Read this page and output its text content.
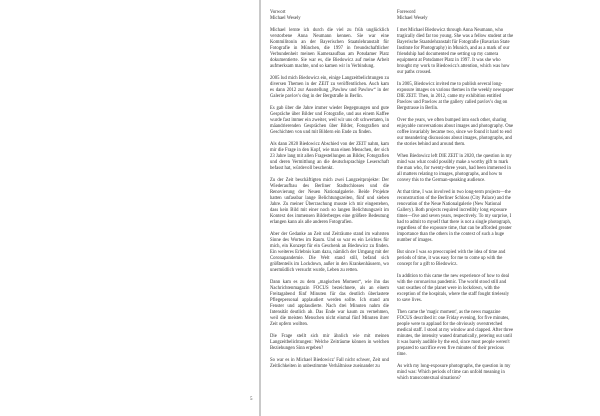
Vorwort
Michael Wesely

Michael lernte ich durch die viel zu früh unglücklich verstorbene Anna Neumann kennen. Sie war eine Kommilitonin an der Bayerischen Staatslehranstalt für Fotografie in München, die 1997 in freundschaftlicher Verbundenheit meinen Kameraaufbau am Potsdamer Platz dokumentierte. Sie war es, die Biedowicz auf meine Arbeit aufmerksam machte, und so kamen wir in Verbindung.

2005 lud mich Biedowicz ein, einige Langzeitbelichtungen zu diversen Themen in der ZEIT zu veröffentlichen. Auch kam es dann 2012 zur Ausstellung „Pawlow und Pawlow“ in der Galerie pavlov's dog in der Bergstraße in Berlin.

Es gab über die Jahre immer wieder Begegnungen und gute Gespräche über Bilder und Fotografie, und aus einem Kaffee wurde fast immer ein zweiter, weil wir uns oft schwertaten, in mäandrierenden Gesprächen über Bilder, Fotografien und Geschichten von und mit Bildern ein Ende zu finden.

Als dann 2020 Biedowicz Abschied von der ZEIT nahm, kam mir die Frage in den Kopf, wie man einen Menschen, der sich 23 Jahre lang mit allen Fragestellungen an Bilder, Fotografien und deren Vermittlung an die deutschsprachige Leserschaft befasst hat, würdevoll beschenkt.

Zu der Zeit beschäftigten mich zwei Langzeitprojekte: Der Wiederaufbau des Berliner Stadtschlosses und die Renovierung der Neuen Nationalgalerie. Beide Projekte hatten unfassbar lange Belichtungszeiten, fünf und sieben Jahre. Zu meiner Überraschung musste ich mir eingestehen, dass kein Bild mit einer noch so langen Belichtungszeit im Kontext des immensen Bilderberges eine größere Bedeutung erlangen kann als alle anderen Fotografien.

Aber der Gedanke an Zeit und Zeiträume stand im wahrsten Sinne des Wortes im Raum. Und so war es ein Leichtes für mich, ein Konzept für ein Geschenk an Biedowicz zu finden. Ein weiteres Erlebnis kam dazu, nämlich der Umgang mit der Coronapandemie. Die Welt stand still, befand sich größtenteils im Lockdown, außer in den Krankenhäusern, wo unermüdlich versucht wurde, Leben zu retten.

Dann kam es zu dem „magischen Moment“, wie ihn das Nachrichtenmagazin FOCUS bezeichnete, als an einem Freitagabend fünf Minuten für das deutlich überlastete Pflegepersonal applaudiert werden sollte. Ich stand am Fenster und applaudierte. Nach drei Minuten nahm die Intensität deutlich ab. Das Ende war kaum zu vernehmen, weil die meisten Menschen nicht einmal fünf Minuten ihrer Zeit opfern wollten.

Die Frage stellt sich mir ähnlich wie mit meinen Langzeitbelichtungen: Welche Zeiträume können in welchen Beziehungen Sinn ergeben?

So war es in Michael Biedowicz' Fall nicht schwer, Zeit und Zeitlichkeiten in unbestimmte Verhältnisse zueinander zu

Foreword
Michael Wesely

I met Michael Biedowicz through Anna Neumann, who tragically died far too young. She was a fellow student at the Bayerische Staatslehranstalt für Fotografie (Bavarian State Institute for Photography) in Munich, and as a mark of our friendship had documented me setting up my camera equipment at Potsdamer Platz in 1997. It was she who brought my work to Biedowicz's attention, which was how our paths crossed.

In 2005, Biedowicz invited me to publish several long-exposure images on various themes in the weekly newspaper DIE ZEIT. Then, in 2012, came my exhibition entitled Pawlow und Pawlow at the gallery called pavlov's dog on Bergstrasse in Berlin.

Over the years, we often bumped into each other, sharing enjoyable conversations about images and photography. One coffee invariably became two, since we found it hard to end our meandering discussions about images, photographs, and the stories behind and around them.

When Biedowicz left DIE ZEIT in 2020, the question in my mind was what could possibly make a worthy gift to mark the man who, for twenty-three years, had been immersed in all matters relating to images, photographs, and how to convey this to the German-speaking audience.

At that time, I was involved in two long-term projects—the reconstruction of the Berliner Schloss (City Palace) and the renovation of the Neue Nationalgalerie (New National Gallery). Both projects required incredibly long exposure times—five and seven years, respectively. To my surprise, I had to admit to myself that there is not a single photograph, regardless of the exposure time, that can be afforded greater importance than the others in the context of such a huge number of images.

But since I was so preoccupied with the idea of time and periods of time, it was easy for me to come up with the concept for a gift to Biedowicz.

In addition to this came the new experience of how to deal with the coronavirus pandemic. The world stood still and vast swathes of the planet were in lockdown, with the exception of the hospitals, where the staff fought tirelessly to save lives.

Then came the 'magic moment', as the news magazine FOCUS described it: one Friday evening, for five minutes, people were to applaud for the obviously overstretched medical staff. I stood at my window and clapped. After three minutes, the intensity waned dramatically, petering out until it was barely audible by the end, since most people weren't prepared to sacrifice even five minutes of their precious time.

As with my long-exposure photographs, the question in my mind was: Which periods of time can unfold meaning in which transcontextual situations?

5
